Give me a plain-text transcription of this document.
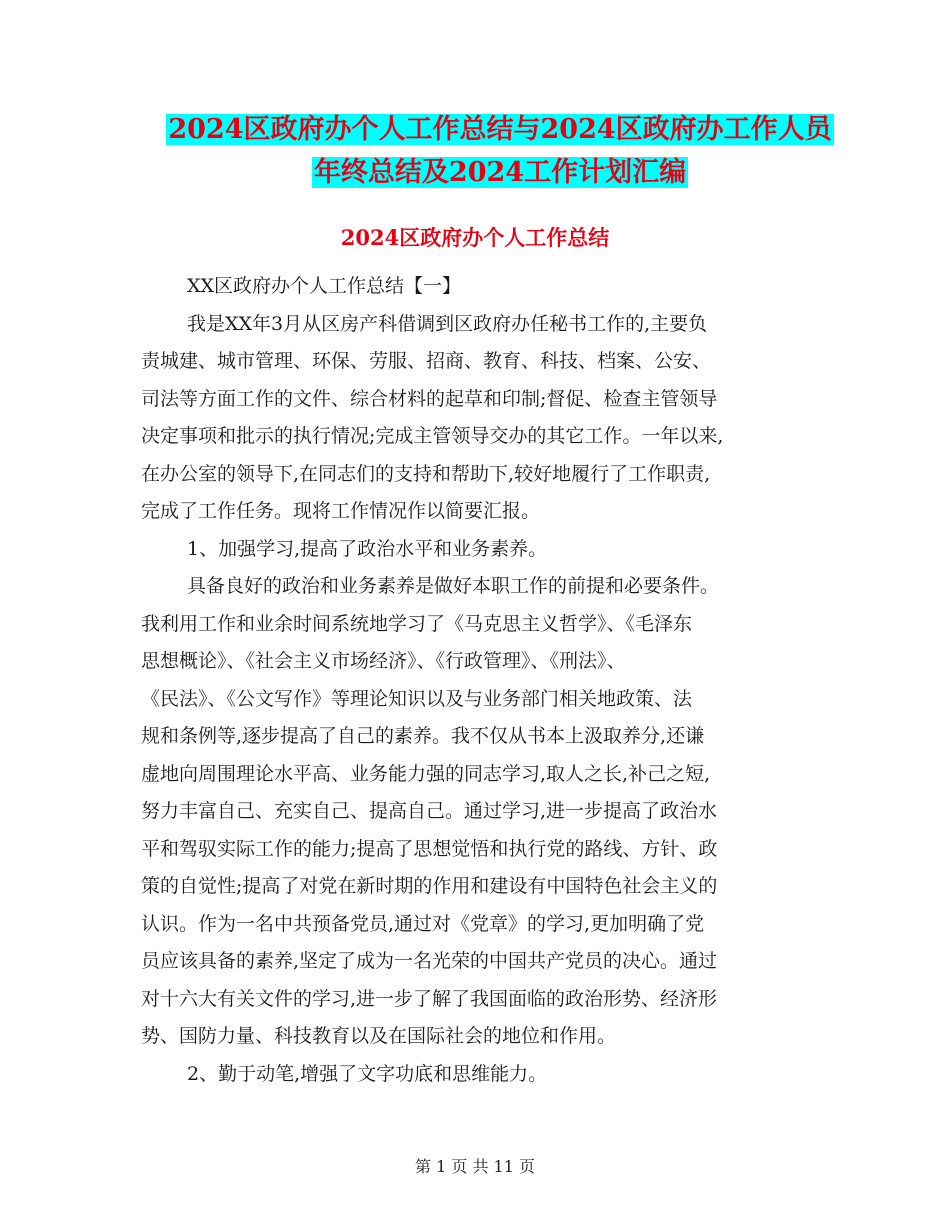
2024区政府办个人工作总结与2024区政府办工作人员
年终总结及2024工作计划汇编
2024区政府办个人工作总结
XX区政府办个人工作总结【一】
我是XX年3月从区房产科借调到区政府办任秘书工作的,主要负
责城建、城市管理、环保、劳服、招商、教育、科技、档案、公安、
司法等方面工作的文件、综合材料的起草和印制;督促、检查主管领导
决定事项和批示的执行情况;完成主管领导交办的其它工作。一年以来,
在办公室的领导下,在同志们的支持和帮助下,较好地履行了工作职责,
完成了工作任务。现将工作情况作以简要汇报。
1、加强学习,提高了政治水平和业务素养。
具备良好的政治和业务素养是做好本职工作的前提和必要条件。
我利用工作和业余时间系统地学习了《马克思主义哲学》、《毛泽东
思想概论》、《社会主义市场经济》、《行政管理》、《刑法》、
《民法》、《公文写作》等理论知识以及与业务部门相关地政策、法
规和条例等,逐步提高了自己的素养。我不仅从书本上汲取养分,还谦
虚地向周围理论水平高、业务能力强的同志学习,取人之长,补己之短,
努力丰富自己、充实自己、提高自己。通过学习,进一步提高了政治水
平和驾驭实际工作的能力;提高了思想觉悟和执行党的路线、方针、政
策的自觉性;提高了对党在新时期的作用和建设有中国特色社会主义的
认识。作为一名中共预备党员,通过对《党章》的学习,更加明确了党
员应该具备的素养,坚定了成为一名光荣的中国共产党员的决心。通过
对十六大有关文件的学习,进一步了解了我国面临的政治形势、经济形
势、国防力量、科技教育以及在国际社会的地位和作用。
2、勤于动笔,增强了文字功底和思维能力。
第 1 页 共 11 页
